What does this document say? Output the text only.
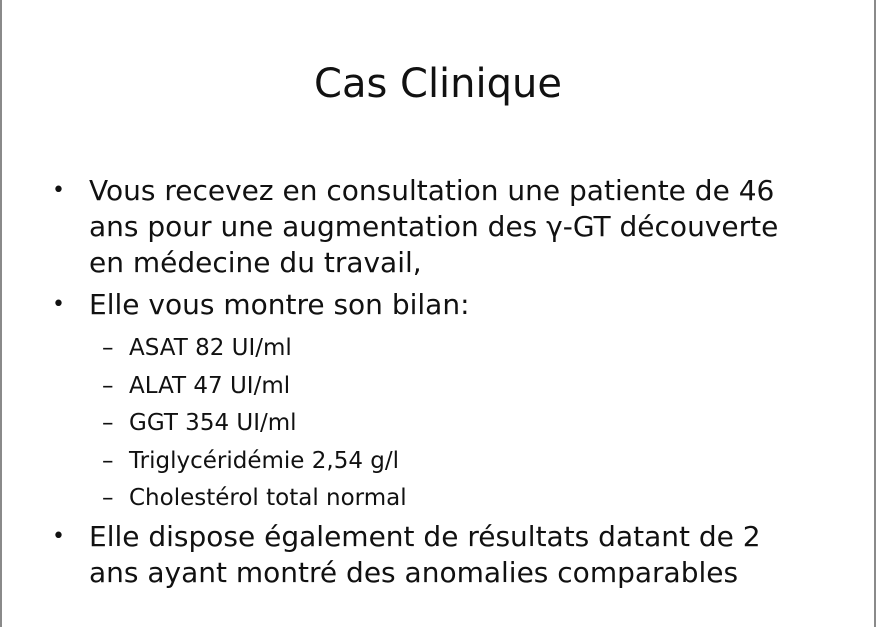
Cas Clinique
• Vous recevez en consultation une patiente de 46
ans pour une augmentation des γ-GT découverte
en médecine du travail,
• Elle vous montre son bilan:
– ASAT 82 UI/ml
– ALAT 47 UI/ml
– GGT 354 UI/ml
– Triglycéridémie 2,54 g/l
– Cholestérol total normal
• Elle dispose également de résultats datant de 2
ans ayant montré des anomalies comparables
